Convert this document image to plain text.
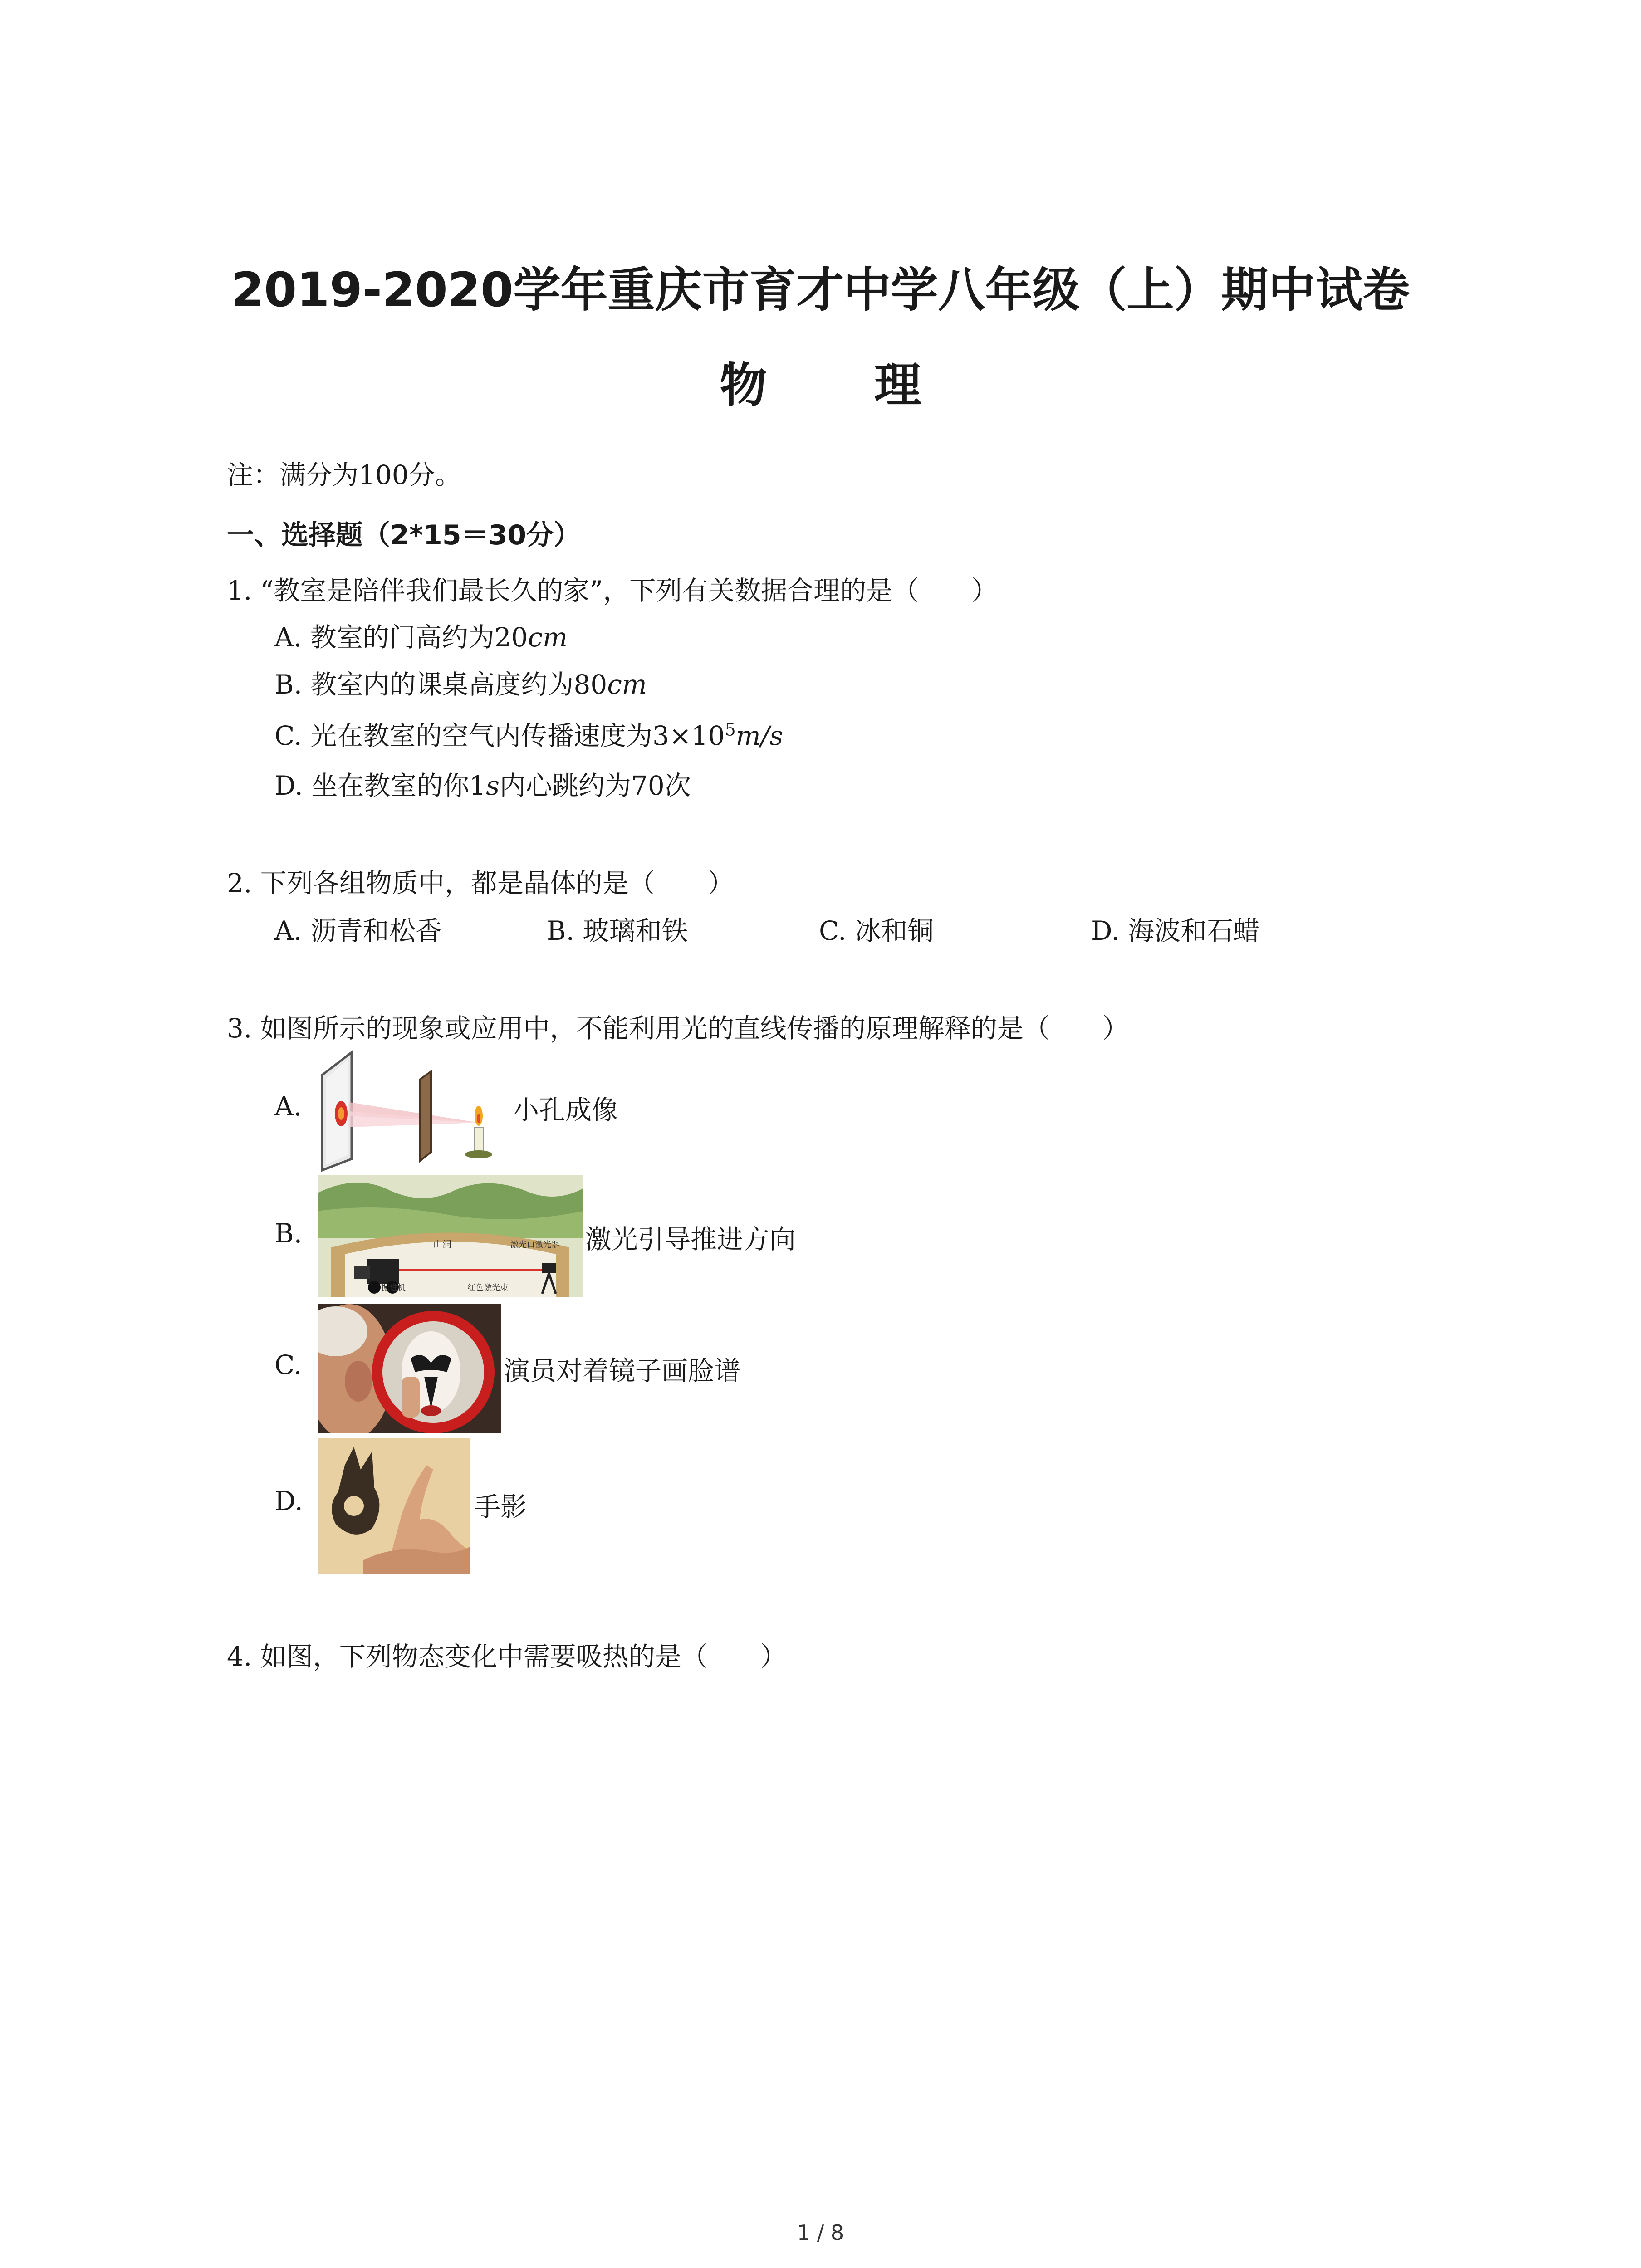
2019-2020学年重庆市育才中学八年级（上）期中试卷
物 理
注：满分为100分。
一、选择题（2*15＝30分）
1. “教室是陪伴我们最长久的家”，下列有关数据合理的是（　　）
A. 教室的门高约为20cm
B. 教室内的课桌高度约为80cm
C. 光在教室的空气内传播速度为$3\times 10^5m/s$
D. 坐在教室的你1s内心跳约为70次
2. 下列各组物质中，都是晶体的是（　　）
A. 沥青和松香	B. 玻璃和铁	C. 冰和铜	D. 海波和石蜡
3. 如图所示的现象或应用中，不能利用光的直线传播的原理解释的是（　　）
A.	小孔成像
B.	山洞	激光口激光器
掘进机	红色激光束
激光引导推进方向
C.	演员对着镜子画脸谱
D.	手影
4. 如图，下列物态变化中需要吸热的是（　　）
1 / 8
